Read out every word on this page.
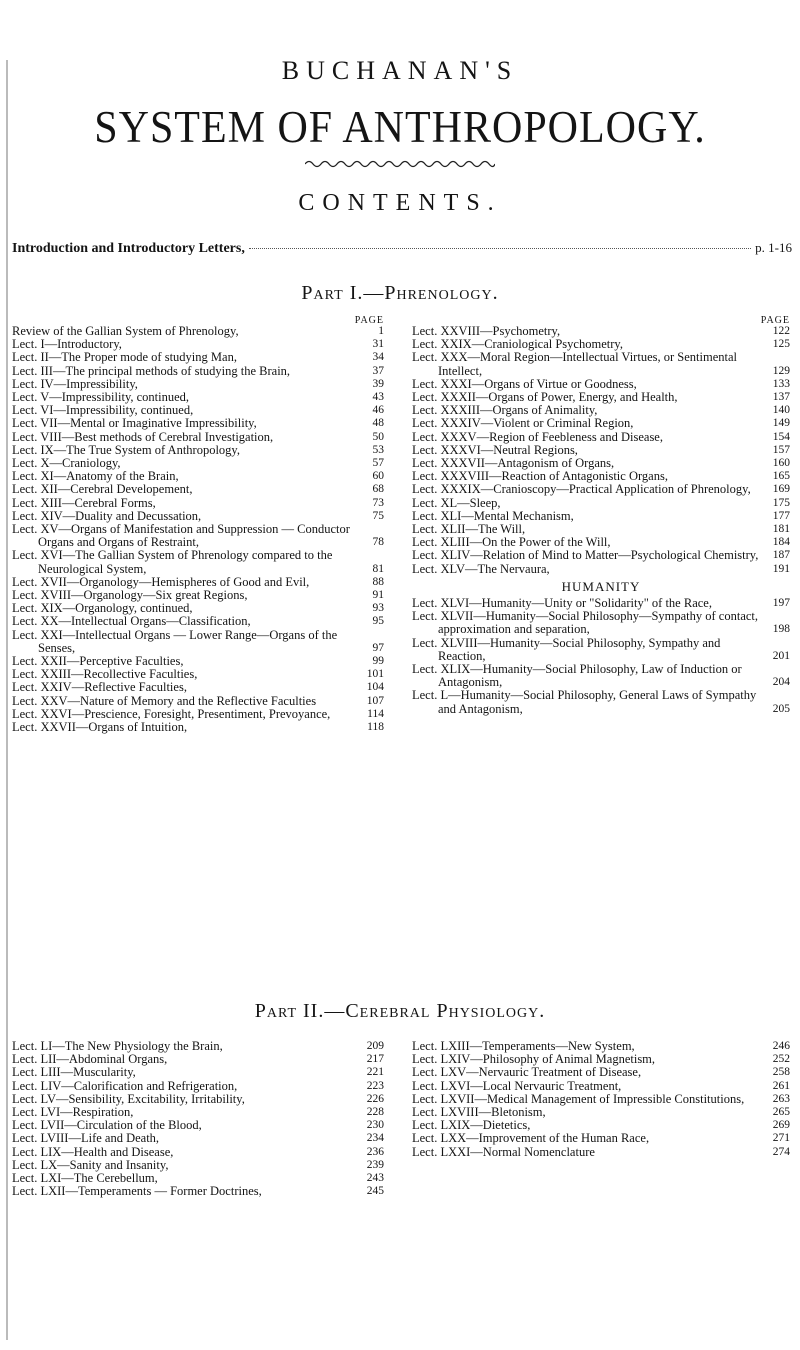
BUCHANAN'S
SYSTEM OF ANTHROPOLOGY.
CONTENTS.
Introduction and Introductory Letters,	p. 1-16
Part I.—Phrenology.
PAGE
Review of the Gallian System of Phrenology,	1
Lect. I—Introductory,	31
Lect. II—The Proper mode of studying Man,	34
Lect. III—The principal methods of studying the Brain,	37
Lect. IV—Impressibility,	39
Lect. V—Impressibility, continued,	43
Lect. VI—Impressibility, continued,	46
Lect. VII—Mental or Imaginative Impressibility,	48
Lect. VIII—Best methods of Cerebral Investigation,	50
Lect. IX—The True System of Anthropology,	53
Lect. X—Craniology,	57
Lect. XI—Anatomy of the Brain,	60
Lect. XII—Cerebral Developement,	68
Lect. XIII—Cerebral Forms,	73
Lect. XIV—Duality and Decussation,	75
Lect. XV—Organs of Manifestation and Suppression — Conductor Organs and Organs of Restraint,	78
Lect. XVI—The Gallian System of Phrenology compared to the Neurological System,	81
Lect. XVII—Organology—Hemispheres of Good and Evil,	88
Lect. XVIII—Organology—Six great Regions,	91
Lect. XIX—Organology, continued,	93
Lect. XX—Intellectual Organs—Classification,	95
Lect. XXI—Intellectual Organs — Lower Range—Organs of the Senses,	97
Lect. XXII—Perceptive Faculties,	99
Lect. XXIII—Recollective Faculties,	101
Lect. XXIV—Reflective Faculties,	104
Lect. XXV—Nature of Memory and the Reflective Faculties	107
Lect. XXVI—Prescience, Foresight, Presentiment, Prevoyance,	114
Lect. XXVII—Organs of Intuition,	118
PAGE
Lect. XXVIII—Psychometry,	122
Lect. XXIX—Craniological Psychometry,	125
Lect. XXX—Moral Region—Intellectual Virtues, or Sentimental Intellect,	129
Lect. XXXI—Organs of Virtue or Goodness,	133
Lect. XXXII—Organs of Power, Energy, and Health,	137
Lect. XXXIII—Organs of Animality,	140
Lect. XXXIV—Violent or Criminal Region,	149
Lect. XXXV—Region of Feebleness and Disease,	154
Lect. XXXVI—Neutral Regions,	157
Lect. XXXVII—Antagonism of Organs,	160
Lect. XXXVIII—Reaction of Antagonistic Organs,	165
Lect. XXXIX—Cranioscopy—Practical Application of Phrenology,	169
Lect. XL—Sleep,	175
Lect. XLI—Mental Mechanism,	177
Lect. XLII—The Will,	181
Lect. XLIII—On the Power of the Will,	184
Lect. XLIV—Relation of Mind to Matter—Psychological Chemistry,	187
Lect. XLV—The Nervaura,	191
HUMANITY
Lect. XLVI—Humanity—Unity or "Solidarity" of the Race,	197
Lect. XLVII—Humanity—Social Philosophy—Sympathy of contact, approximation and separation,	198
Lect. XLVIII—Humanity—Social Philosophy, Sympathy and Reaction,	201
Lect. XLIX—Humanity—Social Philosophy, Law of Induction or Antagonism,	204
Lect. L—Humanity—Social Philosophy, General Laws of Sympathy and Antagonism,	205
Part II.—Cerebral Physiology.
Lect. LI—The New Physiology the Brain,	209
Lect. LII—Abdominal Organs,	217
Lect. LIII—Muscularity,	221
Lect. LIV—Calorification and Refrigeration,	223
Lect. LV—Sensibility, Excitability, Irritability,	226
Lect. LVI—Respiration,	228
Lect. LVII—Circulation of the Blood,	230
Lect. LVIII—Life and Death,	234
Lect. LIX—Health and Disease,	236
Lect. LX—Sanity and Insanity,	239
Lect. LXI—The Cerebellum,	243
Lect. LXII—Temperaments — Former Doctrines,	245
Lect. LXIII—Temperaments—New System,	246
Lect. LXIV—Philosophy of Animal Magnetism,	252
Lect. LXV—Nervauric Treatment of Disease,	258
Lect. LXVI—Local Nervauric Treatment,	261
Lect. LXVII—Medical Management of Impressible Constitutions,	263
Lect. LXVIII—Bletonism,	265
Lect. LXIX—Dietetics,	269
Lect. LXX—Improvement of the Human Race,	271
Lect. LXXI—Normal Nomenclature	274
